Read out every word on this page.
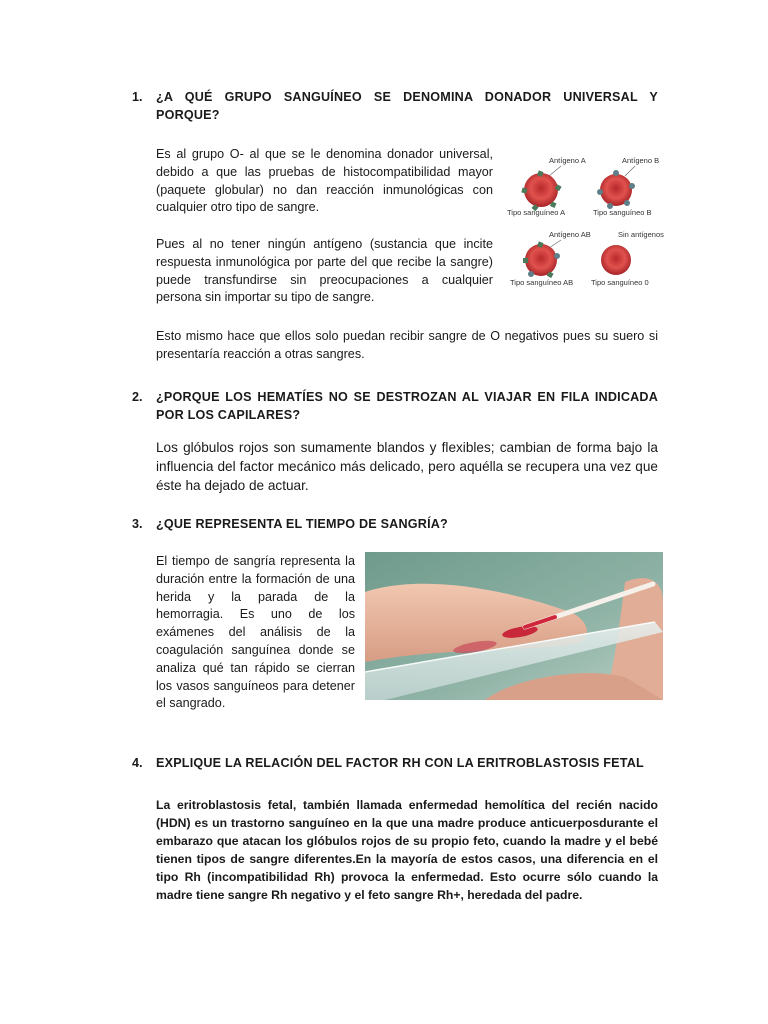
1. ¿A QUÉ GRUPO SANGUÍNEO SE DENOMINA DONADOR UNIVERSAL Y PORQUE?

Es al grupo O- al que se le denomina donador universal, debido a que las pruebas de histocompatibilidad mayor (paquete globular) no dan reacción inmunológicas con cualquier otro tipo de sangre.

Pues al no tener ningún antígeno (sustancia que incite respuesta inmunológica por parte del que recibe la sangre) puede transfundirse sin preocupaciones a cualquier persona sin importar su tipo de sangre.

Esto mismo hace que ellos solo puedan recibir sangre de O negativos pues su suero si presentaría reacción a otras sangres.

Antígeno A	Antígeno B
Tipo sanguíneo A	Tipo sanguíneo B
Antígeno AB	Sin antígenos
Tipo sanguíneo AB Tipo sanguíneo 0
2. ¿PORQUE LOS HEMATÍES NO SE DESTROZAN AL VIAJAR EN FILA INDICADA POR LOS CAPILARES?

Los glóbulos rojos son sumamente blandos y flexibles; cambian de forma bajo la influencia del factor mecánico más delicado, pero aquélla se recupera una vez que éste ha dejado de actuar.

3. ¿QUE REPRESENTA EL TIEMPO DE SANGRÍA?

El tiempo de sangría representa la duración entre la formación de una herida y la parada de la hemorragia. Es uno de los exámenes del análisis de la coagulación sanguínea donde se analiza qué tan rápido se cierran los vasos sanguíneos para detener el sangrado.

4. EXPLIQUE LA RELACIÓN DEL FACTOR RH CON LA ERITROBLASTOSIS FETAL

La eritroblastosis fetal, también llamada enfermedad hemolítica del recién nacido (HDN) es un trastorno sanguíneo en la que una madre produce anticuerposdurante el embarazo que atacan los glóbulos rojos de su propio feto, cuando la madre y el bebé tienen tipos de sangre diferentes.En la mayoría de estos casos, una diferencia en el tipo Rh (incompatibilidad Rh) provoca la enfermedad. Esto ocurre sólo cuando la madre tiene sangre Rh negativo y el feto sangre Rh+, heredada del padre.
